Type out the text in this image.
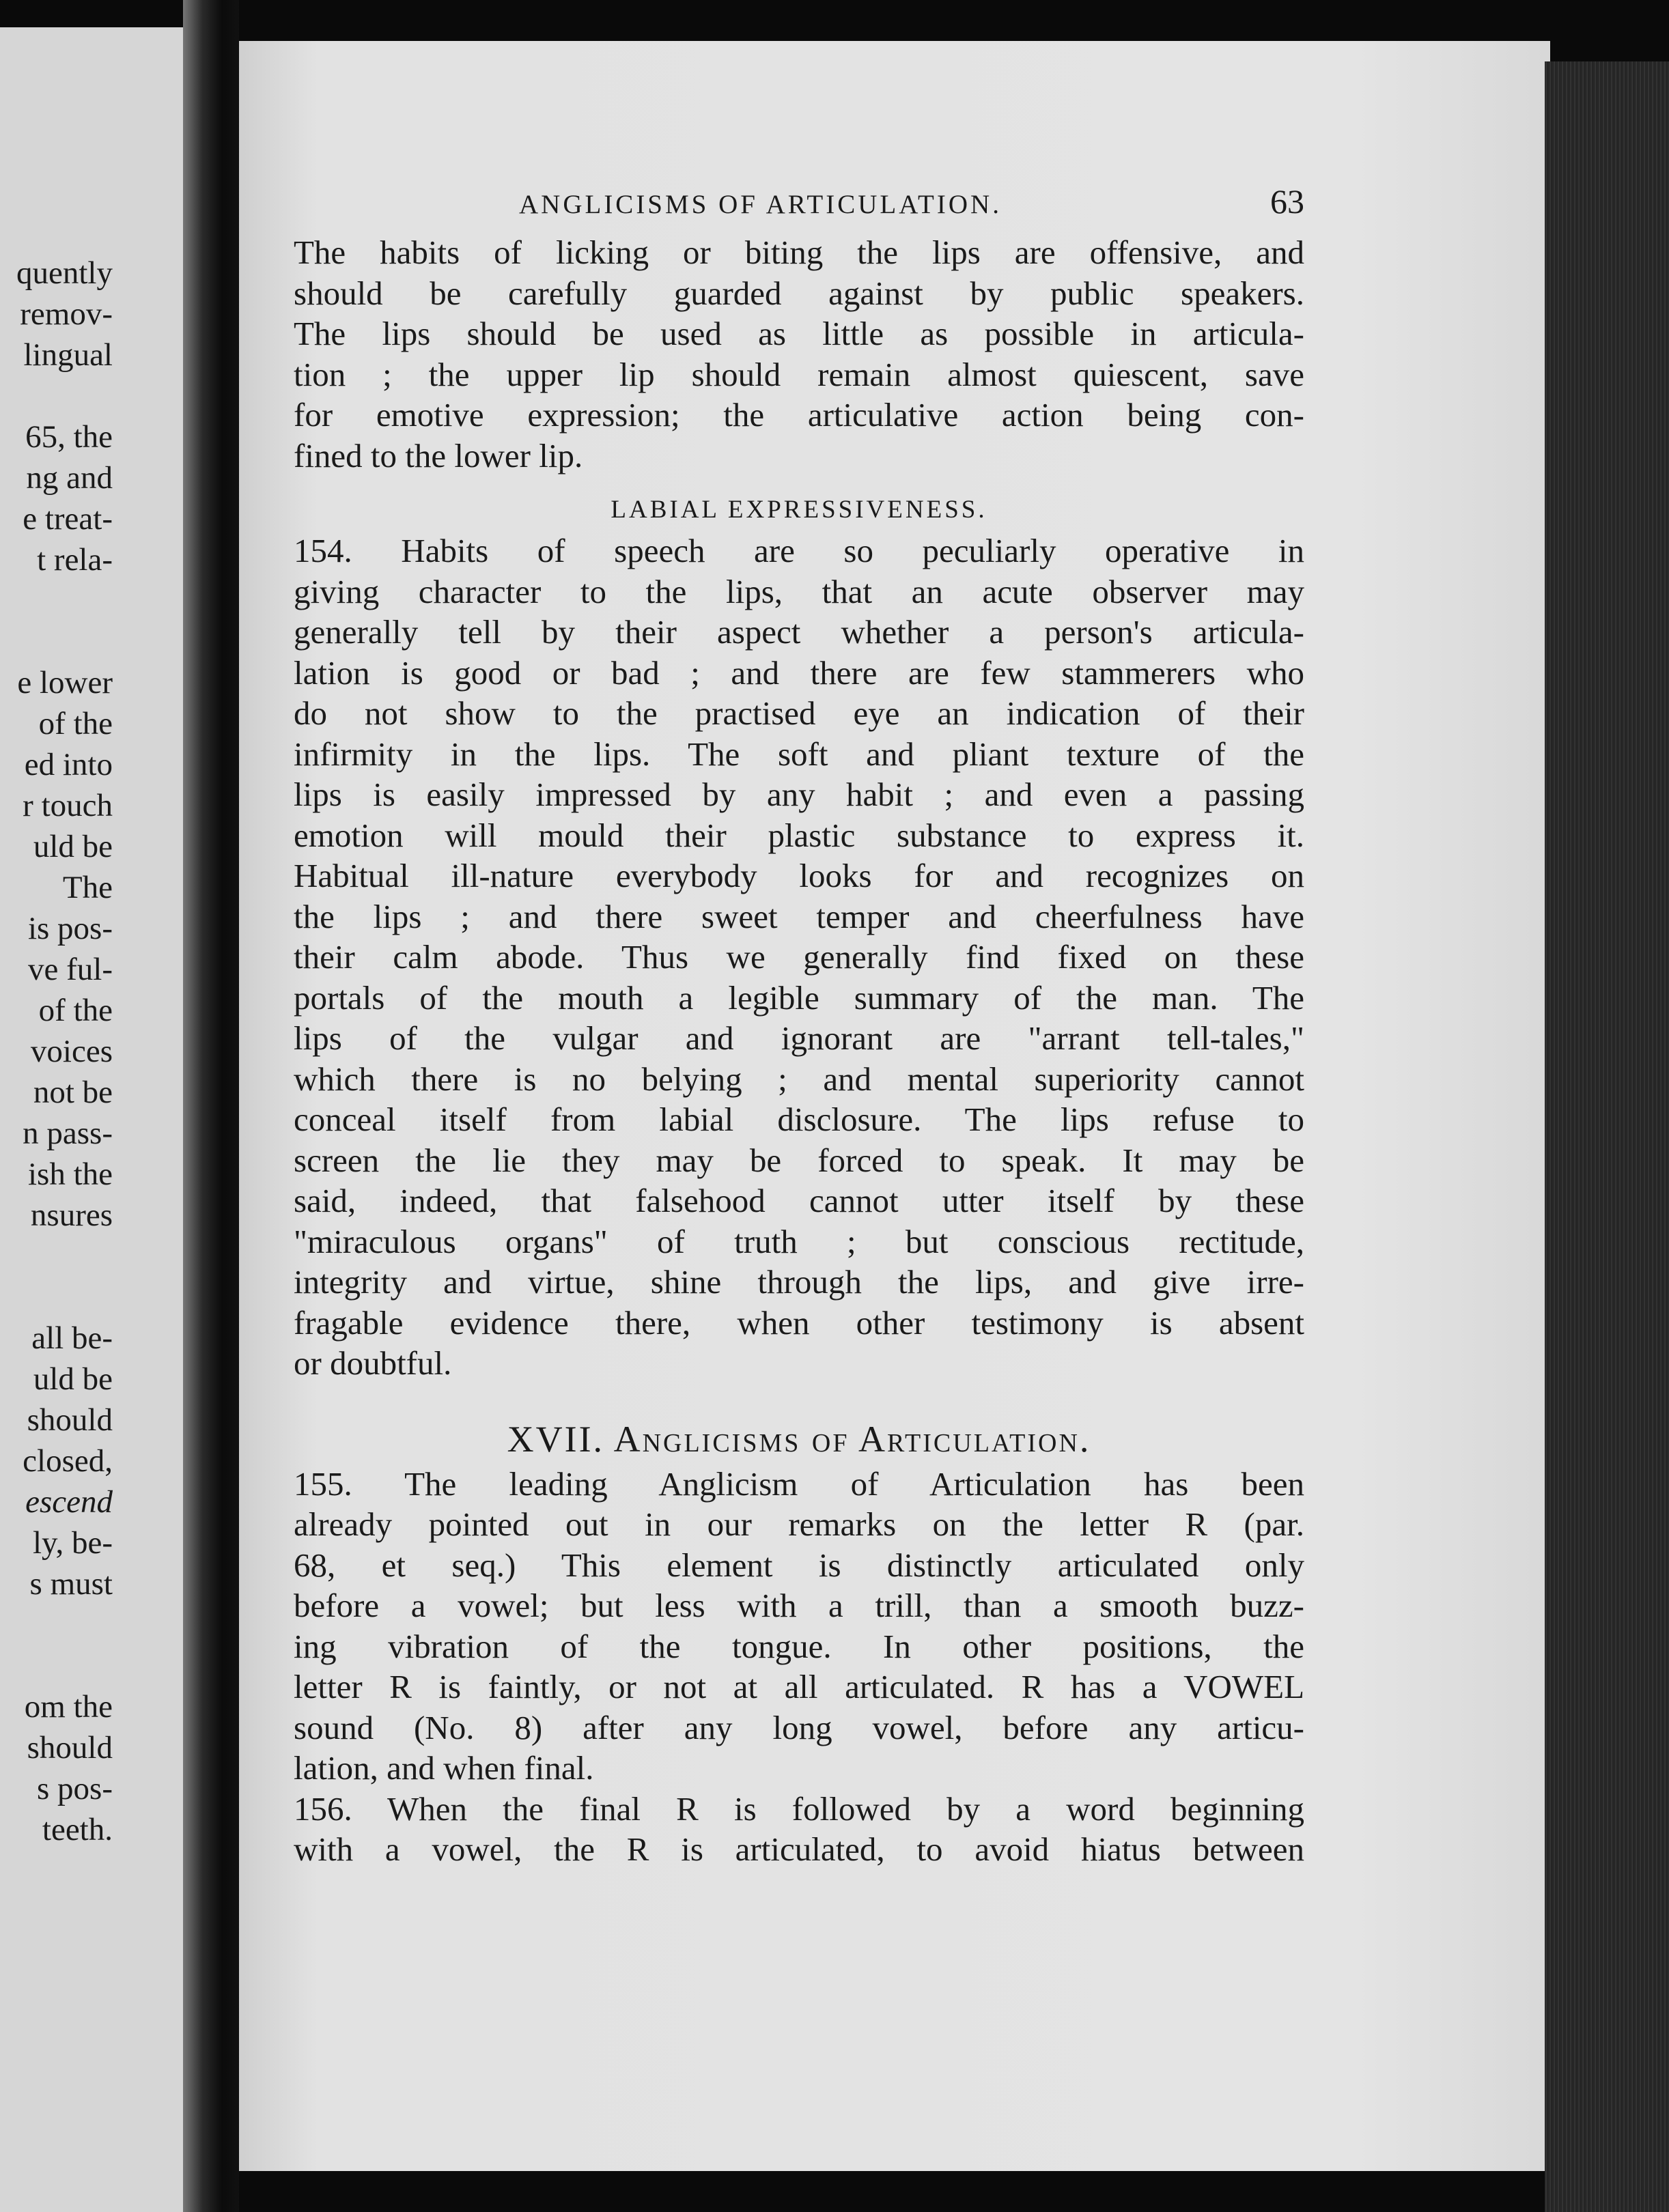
quently
remov-
lingual
65, the
ng and
e treat-
t rela-
e lower
of the
ed into
r touch
uld be
The
is pos-
ve ful-
of the
voices
not be
n pass-
ish the
nsures
all be-
uld be
should
closed,
escend
ly, be-
s must
om the
should
s pos-
teeth.
ANGLICISMS OF ARTICULATION.	63
The habits of licking or biting the lips are offensive, and
should be carefully guarded against by public speakers.
The lips should be used as little as possible in articula-
tion ; the upper lip should remain almost quiescent, save
for emotive expression; the articulative action being con-
fined to the lower lip.
LABIAL EXPRESSIVENESS.
154. Habits of speech are so peculiarly operative in
giving character to the lips, that an acute observer may
generally tell by their aspect whether a person's articula-
lation is good or bad ; and there are few stammerers who
do not show to the practised eye an indication of their
infirmity in the lips. The soft and pliant texture of the
lips is easily impressed by any habit ; and even a passing
emotion will mould their plastic substance to express it.
Habitual ill-nature everybody looks for and recognizes on
the lips ; and there sweet temper and cheerfulness have
their calm abode. Thus we generally find fixed on these
portals of the mouth a legible summary of the man. The
lips of the vulgar and ignorant are "arrant tell-tales,"
which there is no belying ; and mental superiority cannot
conceal itself from labial disclosure. The lips refuse to
screen the lie they may be forced to speak. It may be
said, indeed, that falsehood cannot utter itself by these
"miraculous organs" of truth ; but conscious rectitude,
integrity and virtue, shine through the lips, and give irre-
fragable evidence there, when other testimony is absent
or doubtful.
XVII. Anglicisms of Articulation.
155. The leading Anglicism of Articulation has been
already pointed out in our remarks on the letter R (par.
68, et seq.) This element is distinctly articulated only
before a vowel; but less with a trill, than a smooth buzz-
ing vibration of the tongue. In other positions, the
letter R is faintly, or not at all articulated. R has a VOWEL
sound (No. 8) after any long vowel, before any articu-
lation, and when final.
156. When the final R is followed by a word beginning
with a vowel, the R is articulated, to avoid hiatus between
